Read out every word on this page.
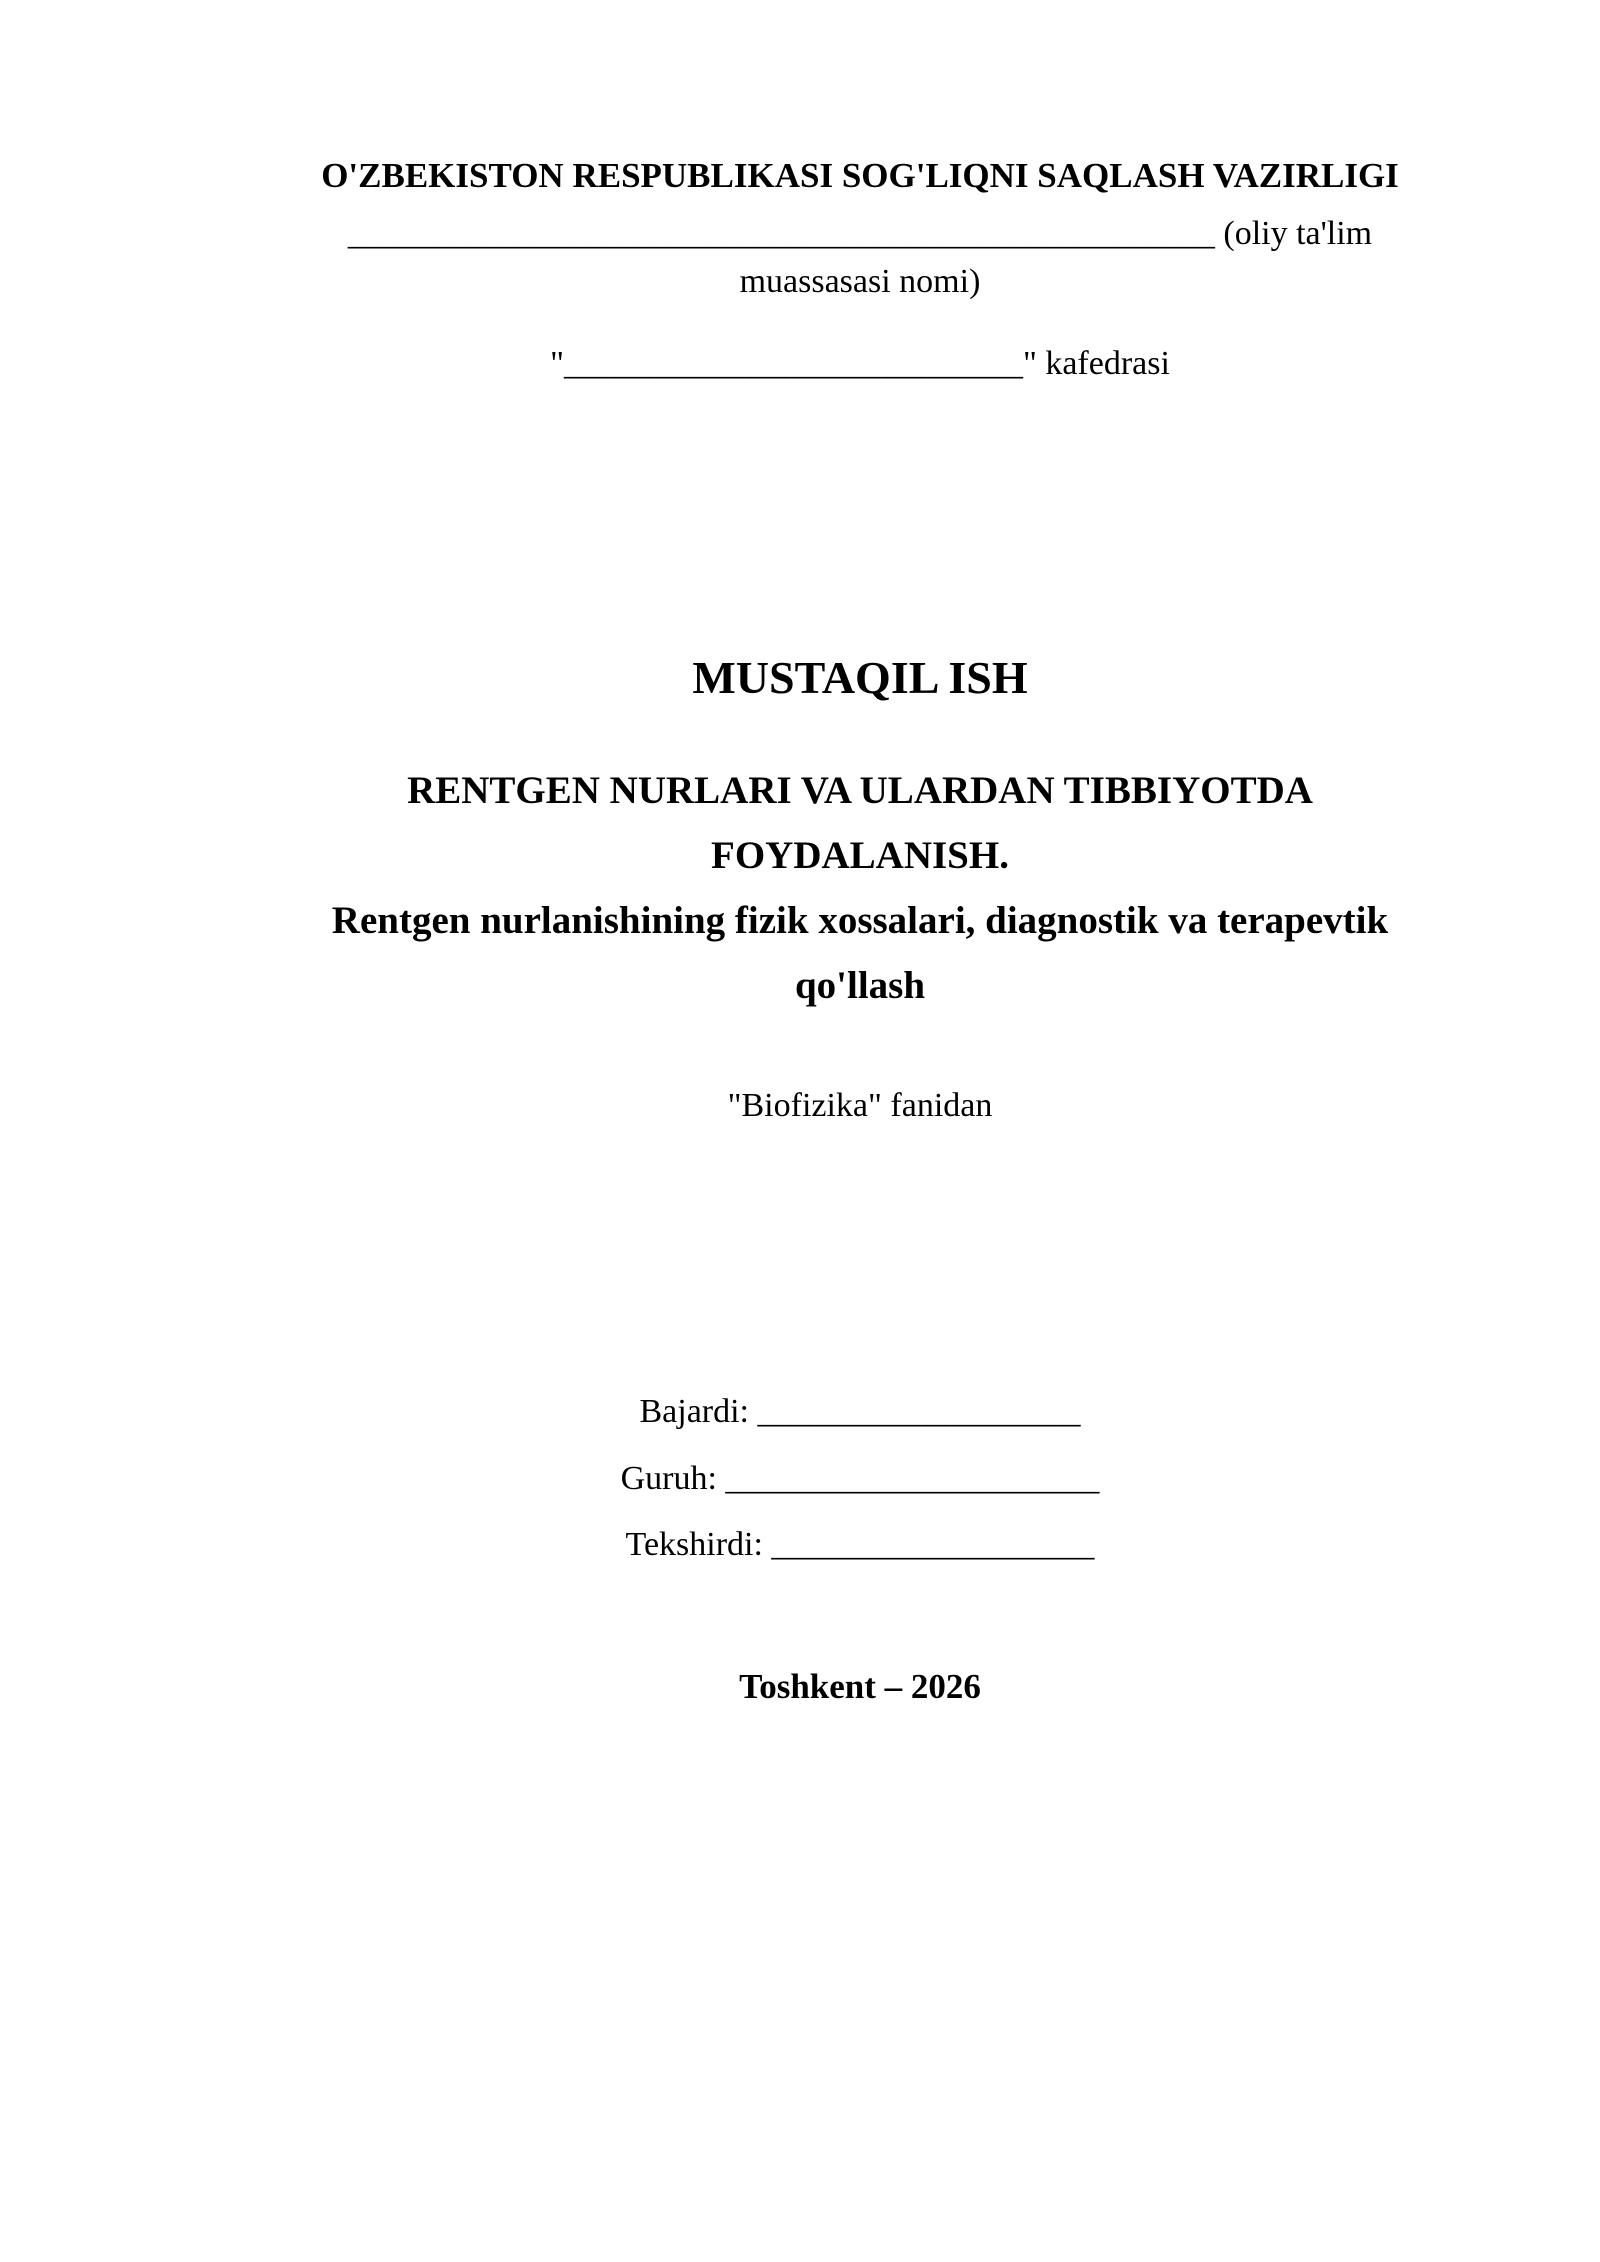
O'ZBEKISTON RESPUBLIKASI SOG'LIQNI SAQLASH VAZIRLIGI
___________________________________________________ (oliy ta'lim
muassasasi nomi)
"___________________________" kafedrasi
MUSTAQIL ISH
RENTGEN NURLARI VA ULARDAN TIBBIYOTDA
FOYDALANISH.
Rentgen nurlanishining fizik xossalari, diagnostik va terapevtik
qo'llash
"Biofizika" fanidan
Bajardi: ___________________
Guruh: ______________________
Tekshirdi: ___________________
Toshkent – 2026
